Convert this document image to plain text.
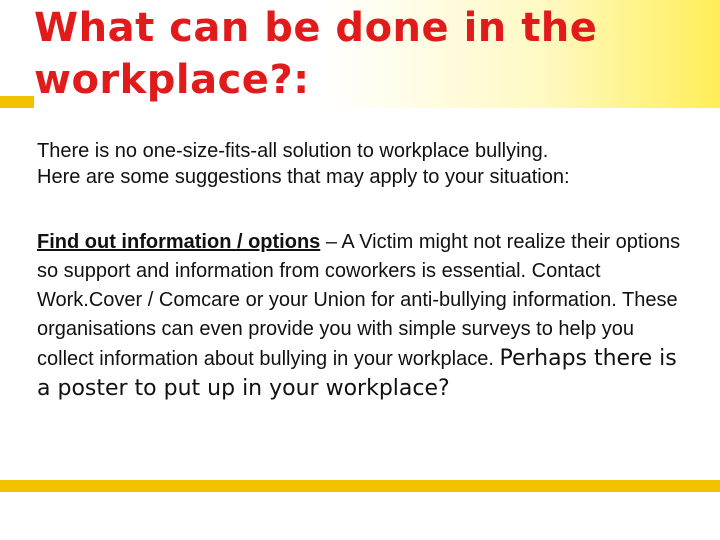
What can be done in the
workplace?:

There is no one-size-fits-all solution to workplace bullying.
Here are some suggestions that may apply to your situation:

Find out information / options – A Victim might not realize their options so support and information from coworkers is essential. Contact Work.Cover / Comcare or your Union for anti-bullying information. These organisations can even provide you with simple surveys to help you collect information about bullying in your workplace. Perhaps there is a poster to put up in your workplace?
